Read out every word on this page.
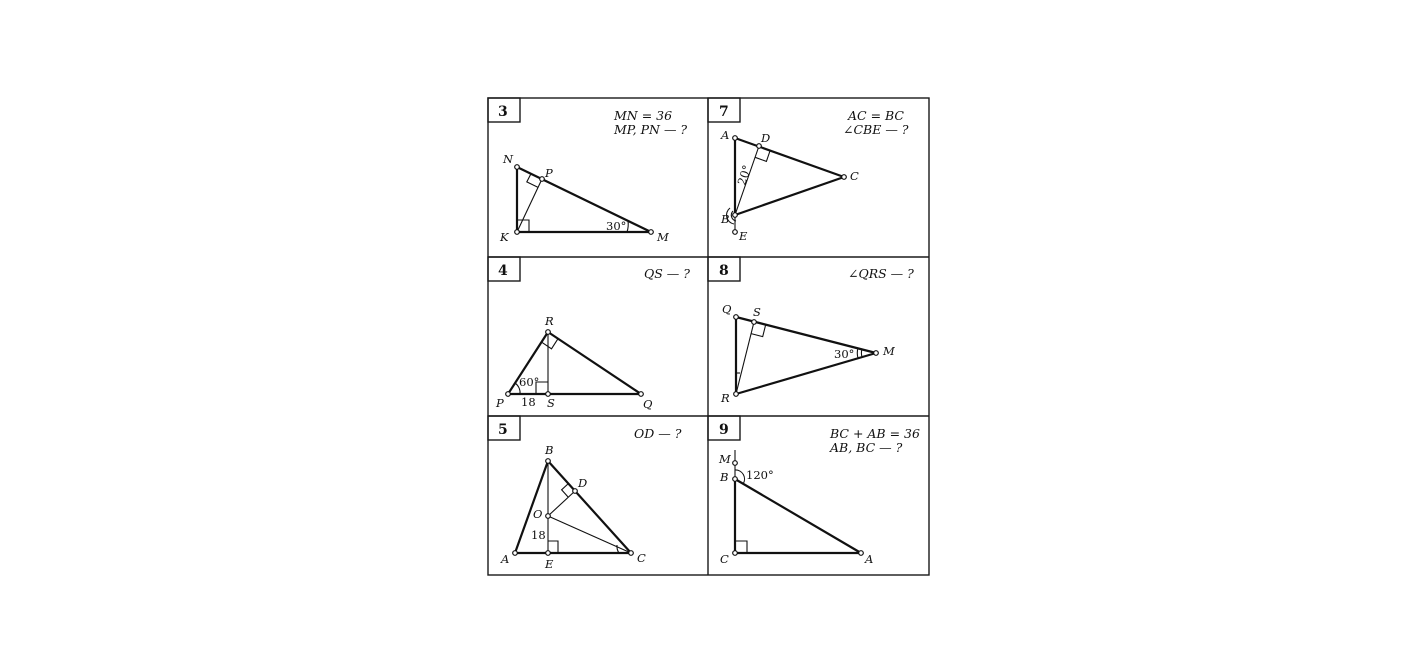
3	MN = 36
MP, PN — ?
N
P
K	M
30°
7	AC = BC
∠CBE — ?
A	D
C
B
E
20°
4	QS — ?
R
P	S	Q
60°
18
8	∠QRS — ?
Q S
M
R
30°
5	OD — ?
B
D
O
A	E	C
18
9	BC + AB = 36
AB, BC — ?
M
B
C	A
120°
